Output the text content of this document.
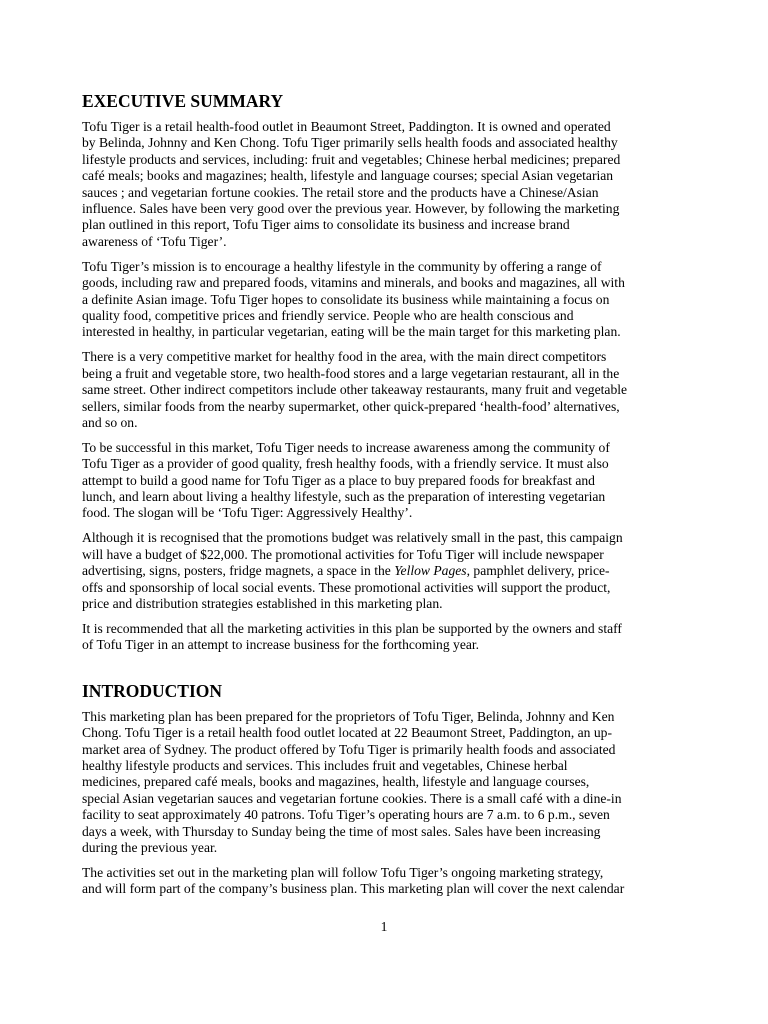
EXECUTIVE SUMMARY

Tofu Tiger is a retail health-food outlet in Beaumont Street, Paddington. It is owned and operated
by Belinda, Johnny and Ken Chong. Tofu Tiger primarily sells health foods and associated healthy
lifestyle products and services, including: fruit and vegetables; Chinese herbal medicines; prepared
café meals; books and magazines; health, lifestyle and language courses; special Asian vegetarian
sauces ; and vegetarian fortune cookies. The retail store and the products have a Chinese/Asian
influence. Sales have been very good over the previous year. However, by following the marketing
plan outlined in this report, Tofu Tiger aims to consolidate its business and increase brand
awareness of ‘Tofu Tiger’.

Tofu Tiger’s mission is to encourage a healthy lifestyle in the community by offering a range of
goods, including raw and prepared foods, vitamins and minerals, and books and magazines, all with
a definite Asian image. Tofu Tiger hopes to consolidate its business while maintaining a focus on
quality food, competitive prices and friendly service. People who are health conscious and
interested in healthy, in particular vegetarian, eating will be the main target for this marketing plan.

There is a very competitive market for healthy food in the area, with the main direct competitors
being a fruit and vegetable store, two health-food stores and a large vegetarian restaurant, all in the
same street. Other indirect competitors include other takeaway restaurants, many fruit and vegetable
sellers, similar foods from the nearby supermarket, other quick-prepared ‘health-food’ alternatives,
and so on.

To be successful in this market, Tofu Tiger needs to increase awareness among the community of
Tofu Tiger as a provider of good quality, fresh healthy foods, with a friendly service. It must also
attempt to build a good name for Tofu Tiger as a place to buy prepared foods for breakfast and
lunch, and learn about living a healthy lifestyle, such as the preparation of interesting vegetarian
food. The slogan will be ‘Tofu Tiger: Aggressively Healthy’.

Although it is recognised that the promotions budget was relatively small in the past, this campaign
will have a budget of $22,000. The promotional activities for Tofu Tiger will include newspaper
advertising, signs, posters, fridge magnets, a space in the Yellow Pages, pamphlet delivery, price-
offs and sponsorship of local social events. These promotional activities will support the product,
price and distribution strategies established in this marketing plan.

It is recommended that all the marketing activities in this plan be supported by the owners and staff
of Tofu Tiger in an attempt to increase business for the forthcoming year.

INTRODUCTION

This marketing plan has been prepared for the proprietors of Tofu Tiger, Belinda, Johnny and Ken
Chong. Tofu Tiger is a retail health food outlet located at 22 Beaumont Street, Paddington, an up-
market area of Sydney. The product offered by Tofu Tiger is primarily health foods and associated
healthy lifestyle products and services. This includes fruit and vegetables, Chinese herbal
medicines, prepared café meals, books and magazines, health, lifestyle and language courses,
special Asian vegetarian sauces and vegetarian fortune cookies. There is a small café with a dine-in
facility to seat approximately 40 patrons. Tofu Tiger’s operating hours are 7 a.m. to 6 p.m., seven
days a week, with Thursday to Sunday being the time of most sales. Sales have been increasing
during the previous year.

The activities set out in the marketing plan will follow Tofu Tiger’s ongoing marketing strategy,
and will form part of the company’s business plan. This marketing plan will cover the next calendar

1
